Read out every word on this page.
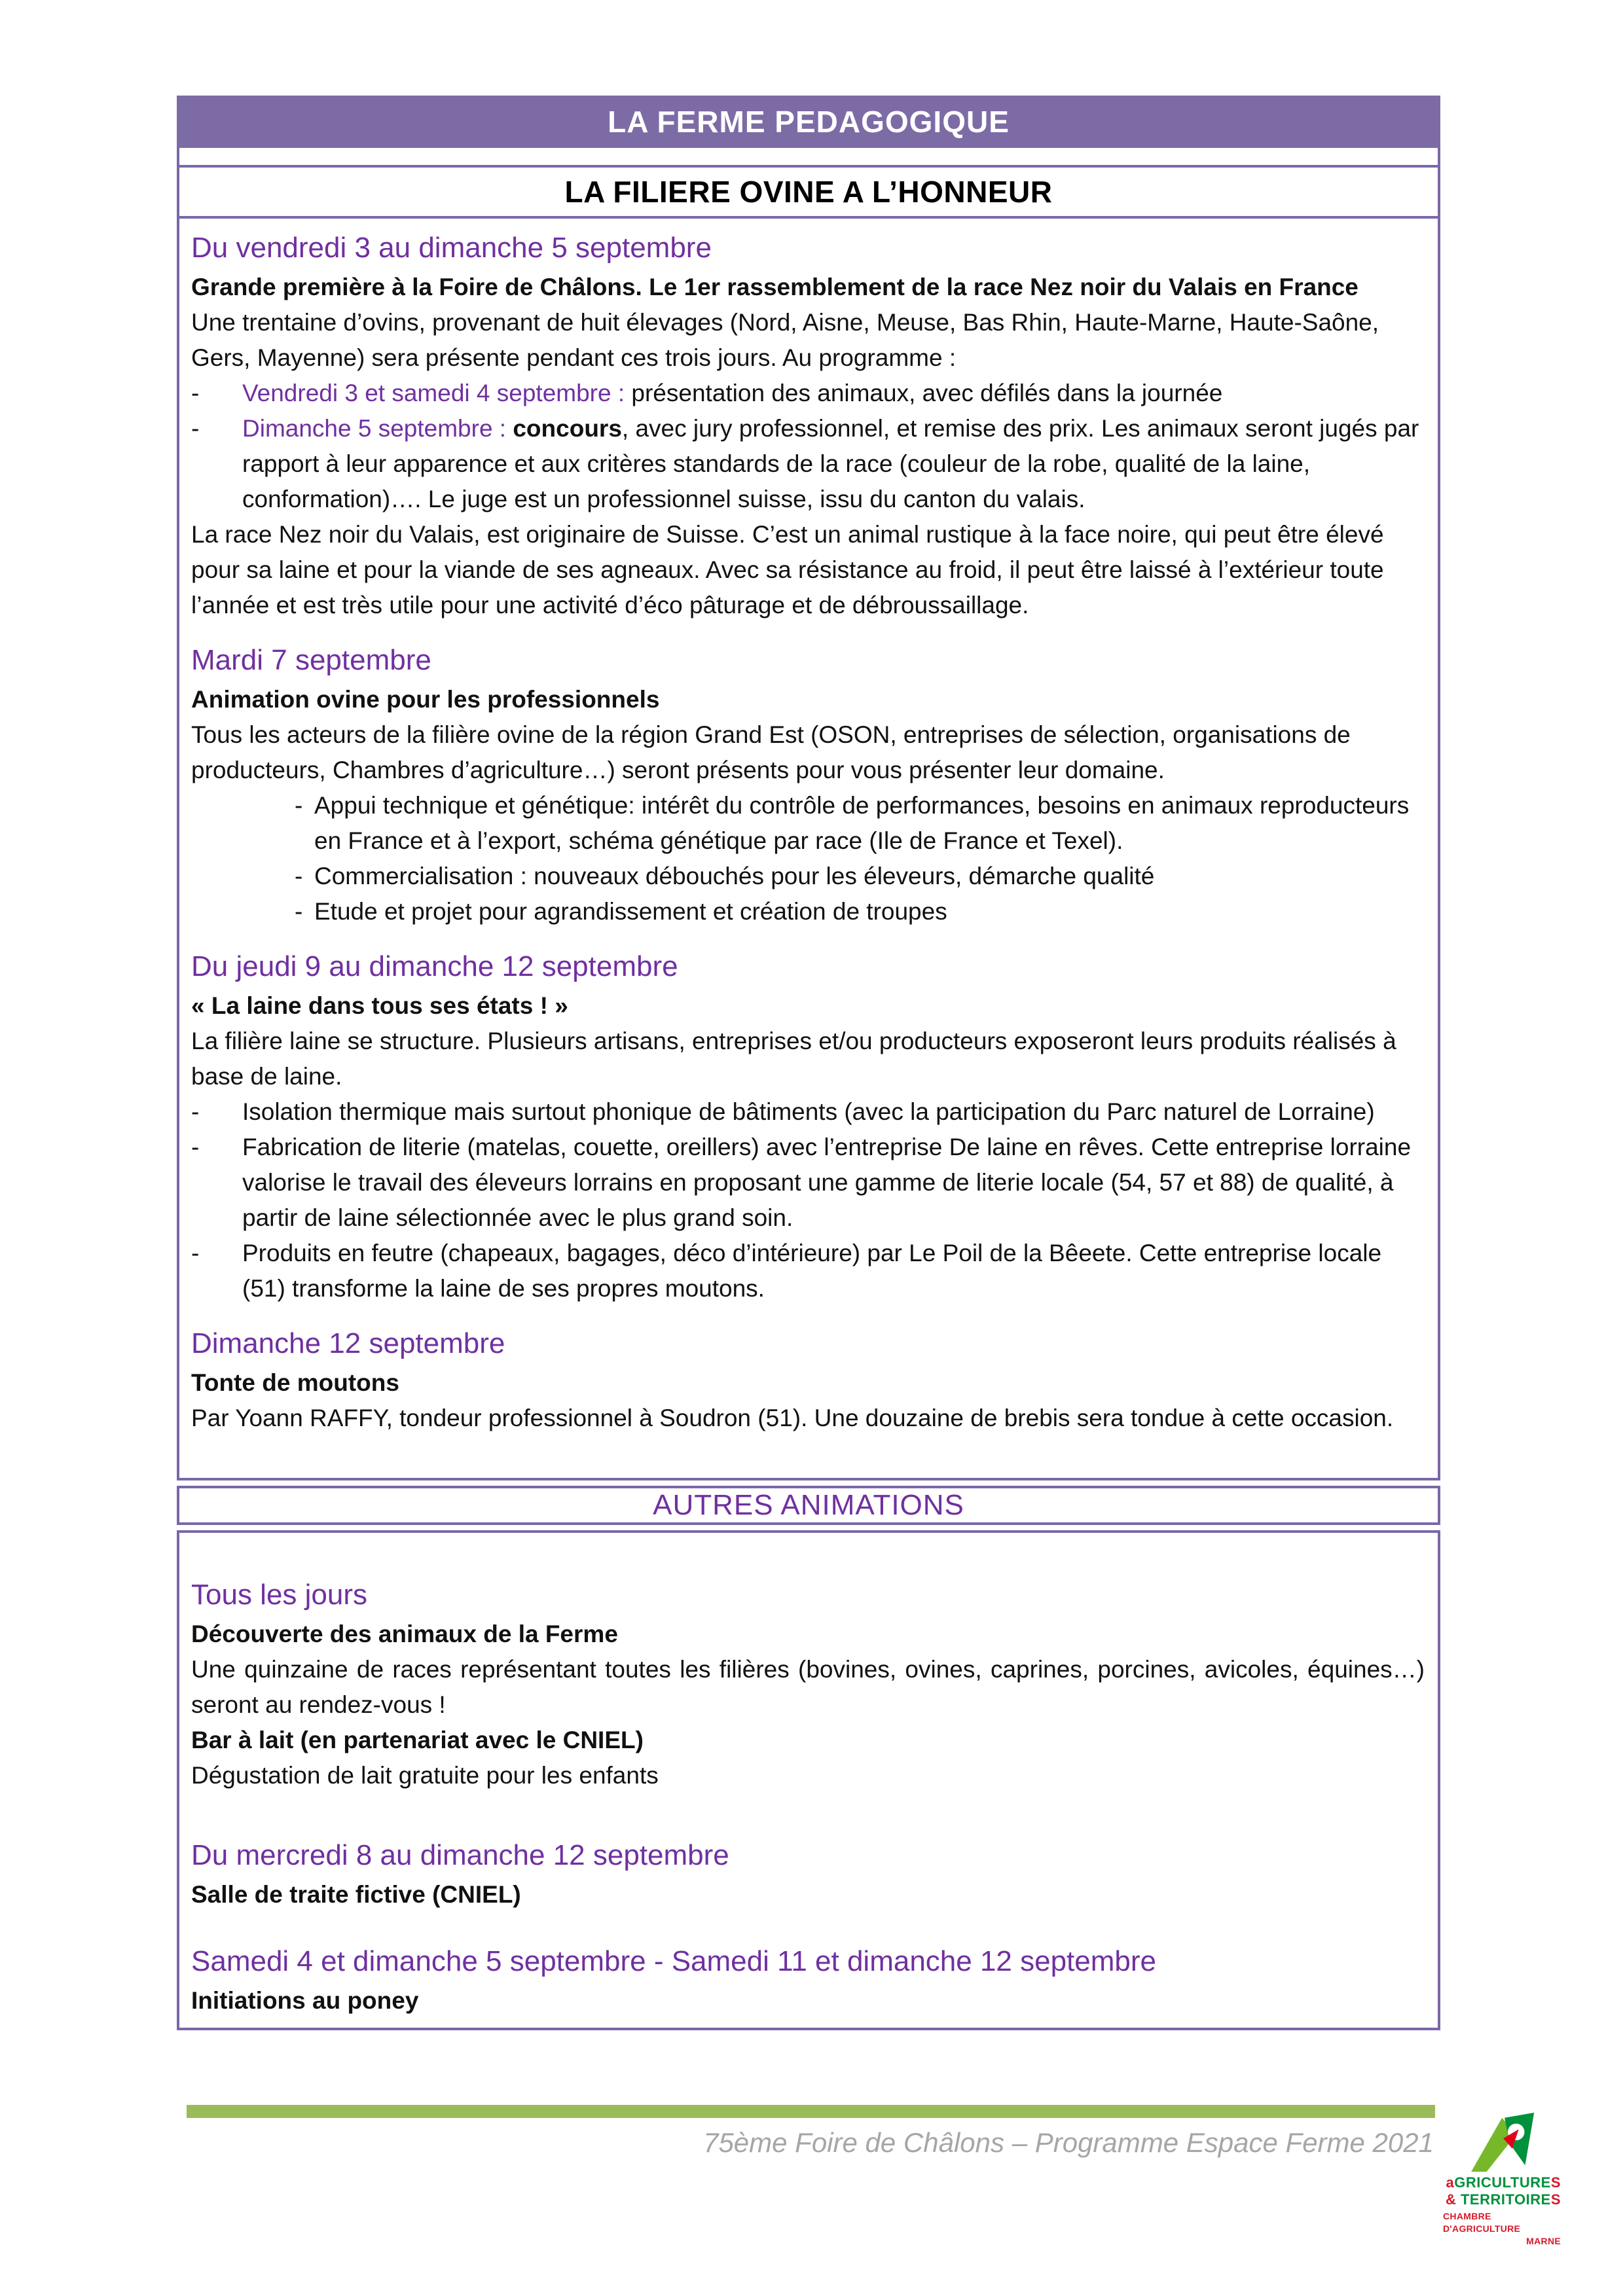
LA FERME PEDAGOGIQUE
LA FILIERE OVINE A L’HONNEUR
Du vendredi 3 au dimanche 5 septembre

Grande première à la Foire de Châlons. Le 1er rassemblement de la race Nez noir du Valais en France

Une trentaine d’ovins, provenant de huit élevages (Nord, Aisne, Meuse, Bas Rhin, Haute-Marne, Haute-Saône, Gers, Mayenne) sera présente pendant ces trois jours. Au programme :

-	Vendredi 3 et samedi 4 septembre : présentation des animaux, avec défilés dans la journée
-	Dimanche 5 septembre : concours, avec jury professionnel, et remise des prix. Les animaux seront jugés par rapport à leur apparence et aux critères standards de la race (couleur de la robe, qualité de la laine, conformation)…. Le juge est un professionnel suisse, issu du canton du valais.

La race Nez noir du Valais, est originaire de Suisse. C’est un animal rustique à la face noire, qui peut être élevé pour sa laine et pour la viande de ses agneaux. Avec sa résistance au froid, il peut être laissé à l’extérieur toute l’année et est très utile pour une activité d’éco pâturage et de débroussaillage.

Mardi 7 septembre

Animation ovine pour les professionnels

Tous les acteurs de la filière ovine de la région Grand Est (OSON, entreprises de sélection, organisations de producteurs, Chambres d’agriculture…) seront présents pour vous présenter leur domaine.

- Appui technique et génétique: intérêt du contrôle de performances, besoins en animaux reproducteurs en France et à l’export, schéma génétique par race (Ile de France et Texel).
- Commercialisation : nouveaux débouchés pour les éleveurs, démarche qualité
- Etude et projet pour agrandissement et création de troupes
Du jeudi 9 au dimanche 12 septembre

« La laine dans tous ses états ! »

La filière laine se structure. Plusieurs artisans, entreprises et/ou producteurs exposeront leurs produits réalisés à base de laine.

-	Isolation thermique mais surtout phonique de bâtiments (avec la participation du Parc naturel de Lorraine)
-	Fabrication de literie (matelas, couette, oreillers) avec l’entreprise De laine en rêves. Cette entreprise lorraine valorise le travail des éleveurs lorrains en proposant une gamme de literie locale (54, 57 et 88) de qualité, à partir de laine sélectionnée avec le plus grand soin.
-	Produits en feutre (chapeaux, bagages, déco d’intérieure) par Le Poil de la Bêeete. Cette entreprise locale (51) transforme la laine de ses propres moutons.
Dimanche 12 septembre

Tonte de moutons

Par Yoann RAFFY, tondeur professionnel à Soudron (51). Une douzaine de brebis sera tondue à cette occasion.

AUTRES ANIMATIONS
Tous les jours

Découverte des animaux de la Ferme

Une quinzaine de races représentant toutes les filières (bovines, ovines, caprines, porcines, avicoles, équines…) seront au rendez-vous !

Bar à lait (en partenariat avec le CNIEL)

Dégustation de lait gratuite pour les enfants

Du mercredi 8 au dimanche 12 septembre

Salle de traite fictive (CNIEL)

Samedi 4 et dimanche 5 septembre - Samedi 11 et dimanche 12 septembre

Initiations au poney

75ème Foire de Châlons – Programme Espace Ferme 2021
aGRICULTURES
& TERRITOIRES
CHAMBRE D'AGRICULTURE
MARNE
